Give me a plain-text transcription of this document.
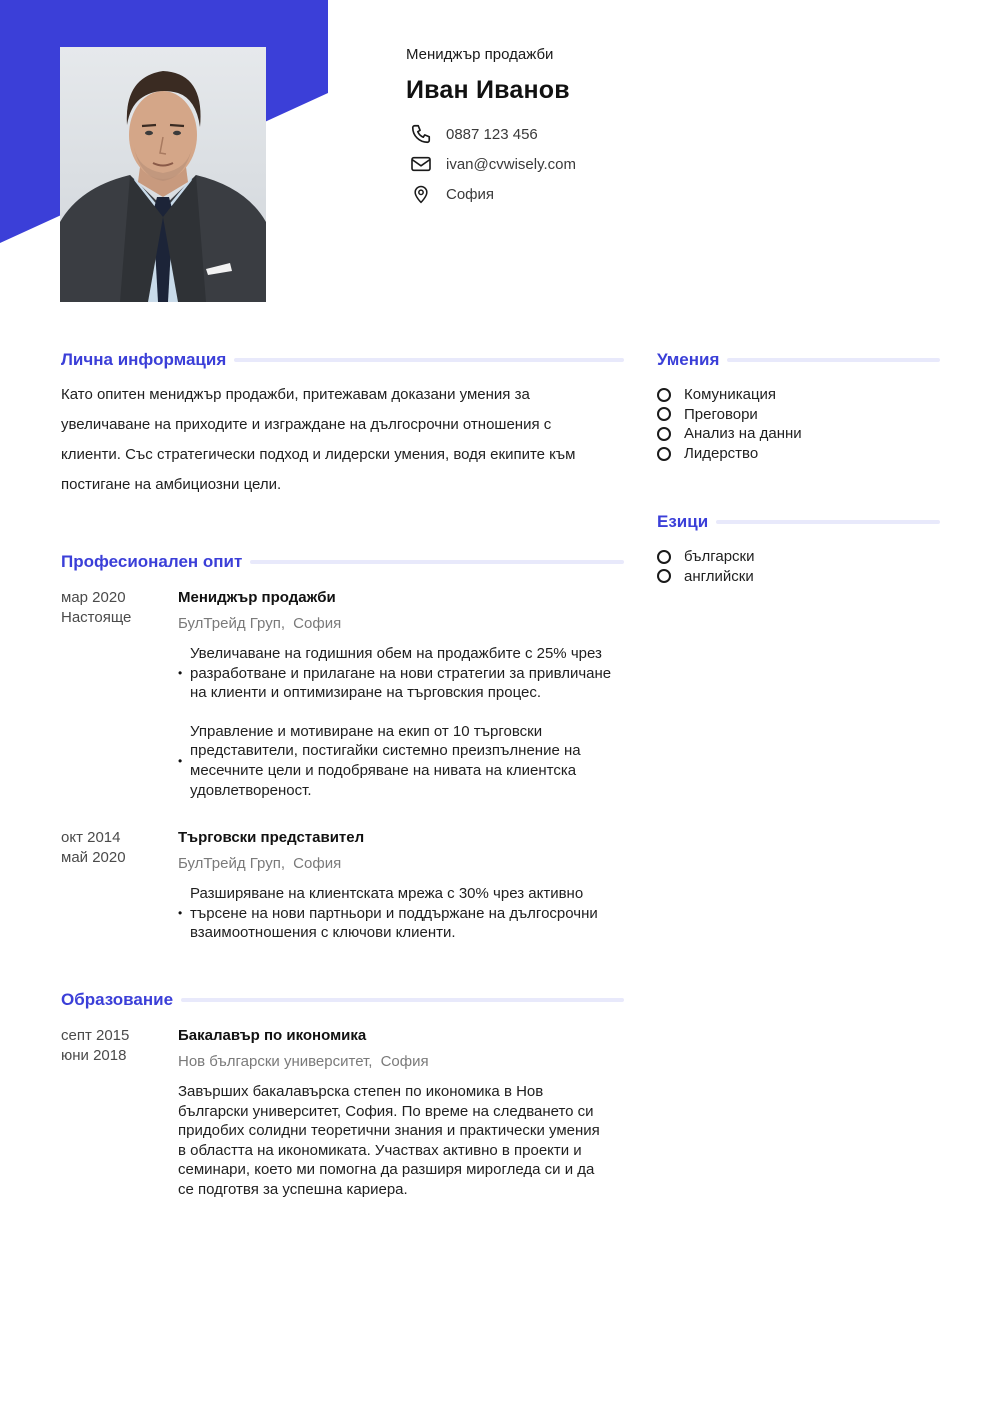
Мениджър продажби
Иван Иванов
0887 123 456
ivan@cvwisely.com
София
Лична информация
Като опитен мениджър продажби, притежавам доказани умения за
увеличаване на приходите и изграждане на дългосрочни отношения с
клиенти. Със стратегически подход и лидерски умения, водя екипите към
постигане на амбициозни цели.
Професионален опит
мар 2020
Настояще
Мениджър продажби
БулТрейд Груп, София
•
Увеличаване на годишния обем на продажбите с 25% чрез
разработване и прилагане на нови стратегии за привличане
на клиенти и оптимизиране на търговския процес.
•
Управление и мотивиране на екип от 10 търговски
представители, постигайки системно преизпълнение на
месечните цели и подобряване на нивата на клиентска
удовлетвореност.
окт 2014
май 2020
Търговски представител
БулТрейд Груп, София
•
Разширяване на клиентската мрежа с 30% чрез активно
търсене на нови партньори и поддържане на дългосрочни
взаимоотношения с ключови клиенти.
Образование
септ 2015
юни 2018
Бакалавър по икономика
Нов български университет, София
Завърших бакалавърска степен по икономика в Нов
български университет, София. По време на следването си
придобих солидни теоретични знания и практически умения
в областта на икономиката. Участвах активно в проекти и
семинари, което ми помогна да разширя мирогледа си и да
се подготвя за успешна кариера.
Умения
Комуникация
Преговори
Анализ на данни
Лидерство
Езици
български
английски
